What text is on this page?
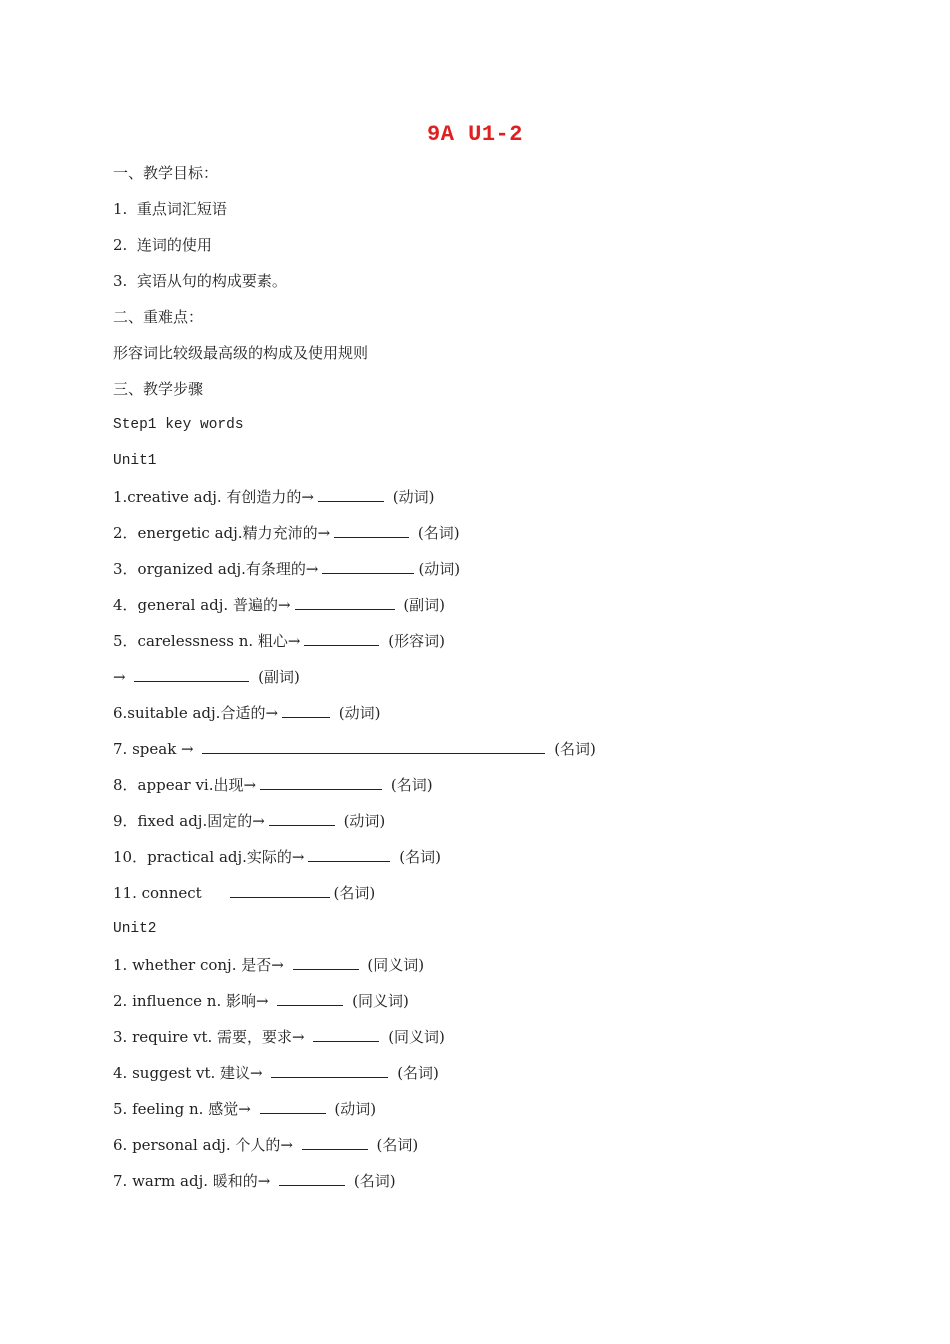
9A U1-2
一、教学目标：
1.  重点词汇短语
2.  连词的使用
3.  宾语从句的构成要素。
二、重难点：
形容词比较级最高级的构成及使用规则
三、教学步骤
Step1 key words
Unit1
1.creative adj. 有创造力的→	(动词)
2．energetic adj.精力充沛的→	(名词)
3．organized adj.有条理的→	(动词)
4．general adj. 普遍的→	(副词)
5．carelessness n. 粗心→	(形容词)
→	(副词)
6.suitable adj.合适的→	(动词)
7. speak →	(名词)
8．appear vi.出现→	(名词)
9．fixed adj.固定的→	(动词)
10．practical adj.实际的→	(名词)
11. connect	(名词)
Unit2
1. whether conj. 是否→	(同义词)
2. influence n. 影响→	(同义词)
3. require vt. 需要，要求→	(同义词)
4. suggest vt. 建议→	(名词)
5. feeling n. 感觉→	(动词)
6. personal adj. 个人的→	(名词)
7. warm adj. 暖和的→	(名词)
